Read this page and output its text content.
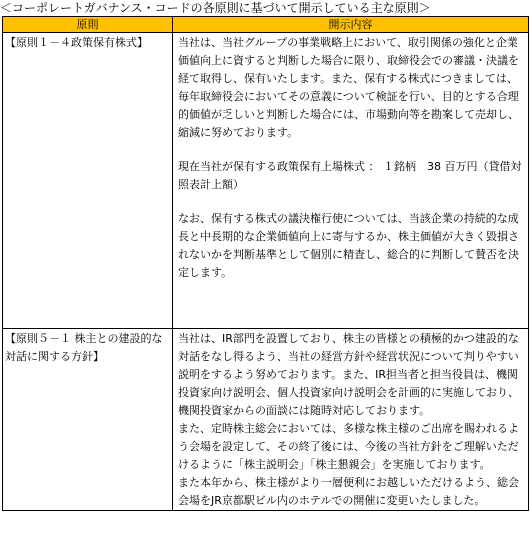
＜コーポレートガバナンス・コードの各原則に基づいて開示している主な原則＞
原則	開示内容
【原則１－４政策保有株式】	当社は、当社グループの事業戦略上において、取引関係の強化と企業価値向上に資すると判断した場合に限り、取締役会での審議・決議を経て取得し、保有いたします。また、保有する株式につきましては、毎年取締役会においてその意義について検証を行い、目的とする合理的価値が乏しいと判断した場合には、市場動向等を勘案して売却し、縮減に努めております。

現在当社が保有する政策保有上場株式 ： １銘柄　38 百万円（貸借対照表計上額）

なお、保有する株式の議決権行使については、当該企業の持続的な成長と中長期的な企業価値向上に寄与するか、株主価値が大きく毀損されないかを判断基準として個別に精査し、総合的に判断して賛否を決定します。

【原則５－１ 株主との建設的な対話に関する方針】	当社は、IR部門を設置しており、株主の皆様との積極的かつ建設的な対話をなし得るよう、当社の経営方針や経営状況について判りやすい説明をするよう努めております。また、IR担当者と担当役員は、機関投資家向け説明会、個人投資家向け説明会を計画的に実施しており、機関投資家からの面談には随時対応しております。

また、定時株主総会においては、多様な株主様のご出席を賜われるよう会場を設定して、その終了後には、今後の当社方針をご理解いただけるように「株主説明会」「株主懇親会」を実施しております。

また本年から、株主様がより一層便利にお越しいただけるよう、総会会場をJR京都駅ビル内のホテルでの開催に変更いたしました。
